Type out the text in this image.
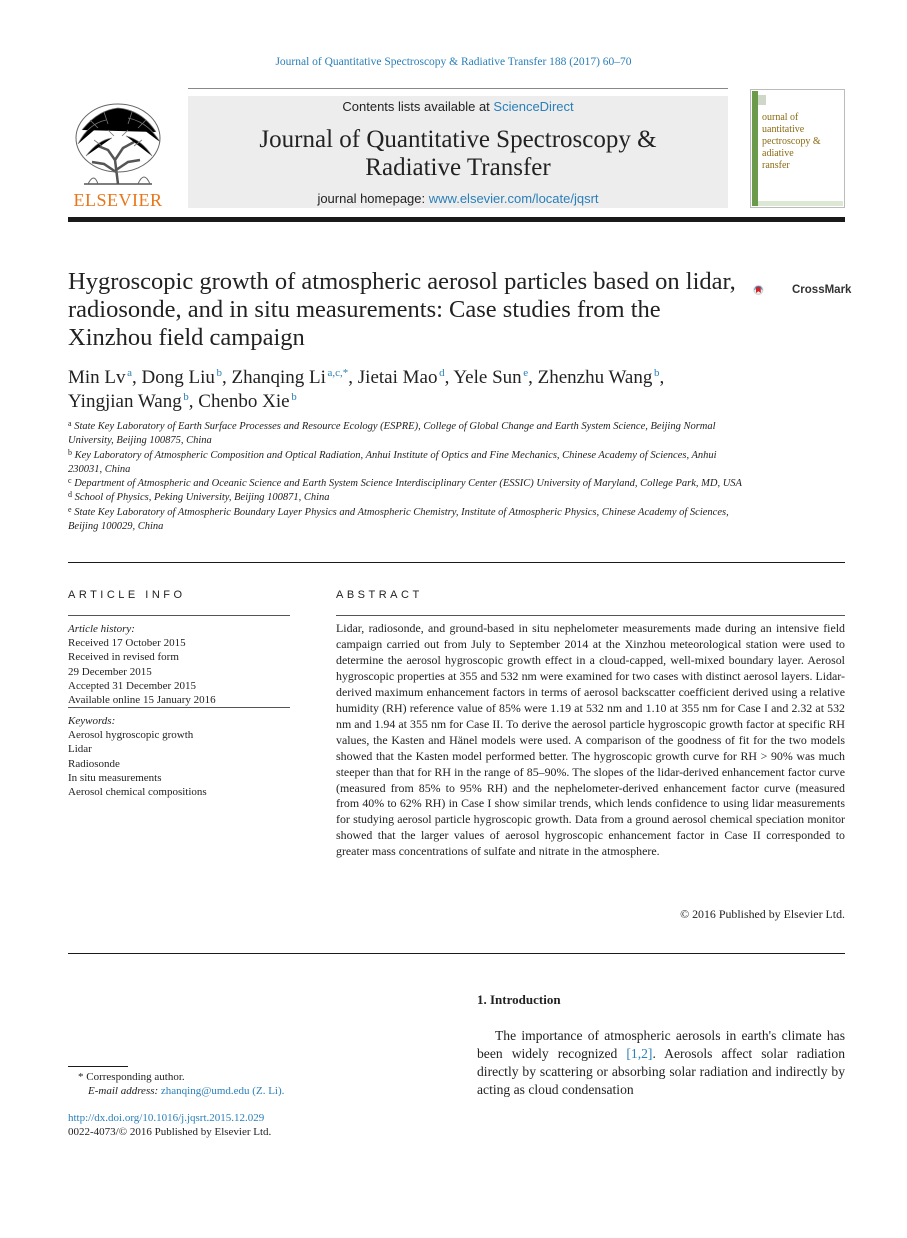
Journal of Quantitative Spectroscopy & Radiative Transfer 188 (2017) 60–70
ELSEVIER
Contents lists available at ScienceDirect
Journal of Quantitative Spectroscopy &
Radiative Transfer
journal homepage: www.elsevier.com/locate/jqsrt
ournal of
uantitative
pectroscopy &
adiative
ransfer
Hygroscopic growth of atmospheric aerosol particles based on lidar, radiosonde, and in situ measurements: Case studies from the Xinzhou field campaign
CrossMark
Min Lv  $^a$, Dong Liu  $^b$, Zhanqing Li  $^{a,c,*}$, Jietai Mao  $^d$, Yele Sun  $^e$, Zhenzhu Wang  $^b$,
Yingjian Wang  $^b$, Chenbo Xie  $^b$

$^a$ State Key Laboratory of Earth Surface Processes and Resource Ecology (ESPRE), College of Global Change and Earth System Science, Beijing Normal University, Beijing 100875, China

$^b$ Key Laboratory of Atmospheric Composition and Optical Radiation, Anhui Institute of Optics and Fine Mechanics, Chinese Academy of Sciences, Anhui 230031, China

$^c$ Department of Atmospheric and Oceanic Science and Earth System Science Interdisciplinary Center (ESSIC) University of Maryland, College Park, MD, USA

$^d$ School of Physics, Peking University, Beijing 100871, China

$^e$ State Key Laboratory of Atmospheric Boundary Layer Physics and Atmospheric Chemistry, Institute of Atmospheric Physics, Chinese Academy of Sciences, Beijing 100029, China

ARTICLE INFO
Article history:
Received 17 October 2015
Received in revised form
29 December 2015
Accepted 31 December 2015
Available online 15 January 2016
Keywords:
Aerosol hygroscopic growth
Lidar
Radiosonde
In situ measurements
Aerosol chemical compositions
ABSTRACT

Lidar, radiosonde, and ground-based in situ nephelometer measurements made during an intensive field campaign carried out from July to September 2014 at the Xinzhou meteorological station were used to determine the aerosol hygroscopic growth effect in a cloud-capped, well-mixed boundary layer. Aerosol hygroscopic properties at 355 and 532 nm were examined for two cases with distinct aerosol layers. Lidar-derived maximum enhancement factors in terms of aerosol backscatter coefficient derived using a relative humidity (RH) reference value of 85% were 1.19 at 532 nm and 1.10 at 355 nm for Case I and 2.32 at 532 nm and 1.94 at 355 nm for Case II. To derive the aerosol particle hygroscopic growth factor at specific RH values, the Kasten and Hänel models were used. A comparison of the goodness of fit for the two models showed that the Kasten model performed better. The hygroscopic growth curve for RH > 90% was much steeper than that for RH in the range of 85–90%. The slopes of the lidar-derived enhancement factor curve (measured from 85% to 95% RH) and the nephelometer-derived enhancement factor curve (measured from 40% to 62% RH) in Case I show similar trends, which lends confidence to using lidar measurements for studying aerosol particle hygroscopic growth. Data from a ground aerosol chemical speciation monitor showed that the larger values of aerosol hygroscopic enhancement factor in Case II corresponded to greater mass concentrations of sulfate and nitrate in the atmosphere.

© 2016 Published by Elsevier Ltd.
1. Introduction

The importance of atmospheric aerosols in earth's climate has been widely recognized [1,2]. Aerosols affect solar radiation directly by scattering or absorbing solar radiation and indirectly by acting as cloud condensation

* Corresponding author.
E-mail address: zhanqing@umd.edu (Z. Li).
http://dx.doi.org/10.1016/j.jqsrt.2015.12.029
0022-4073/© 2016 Published by Elsevier Ltd.
